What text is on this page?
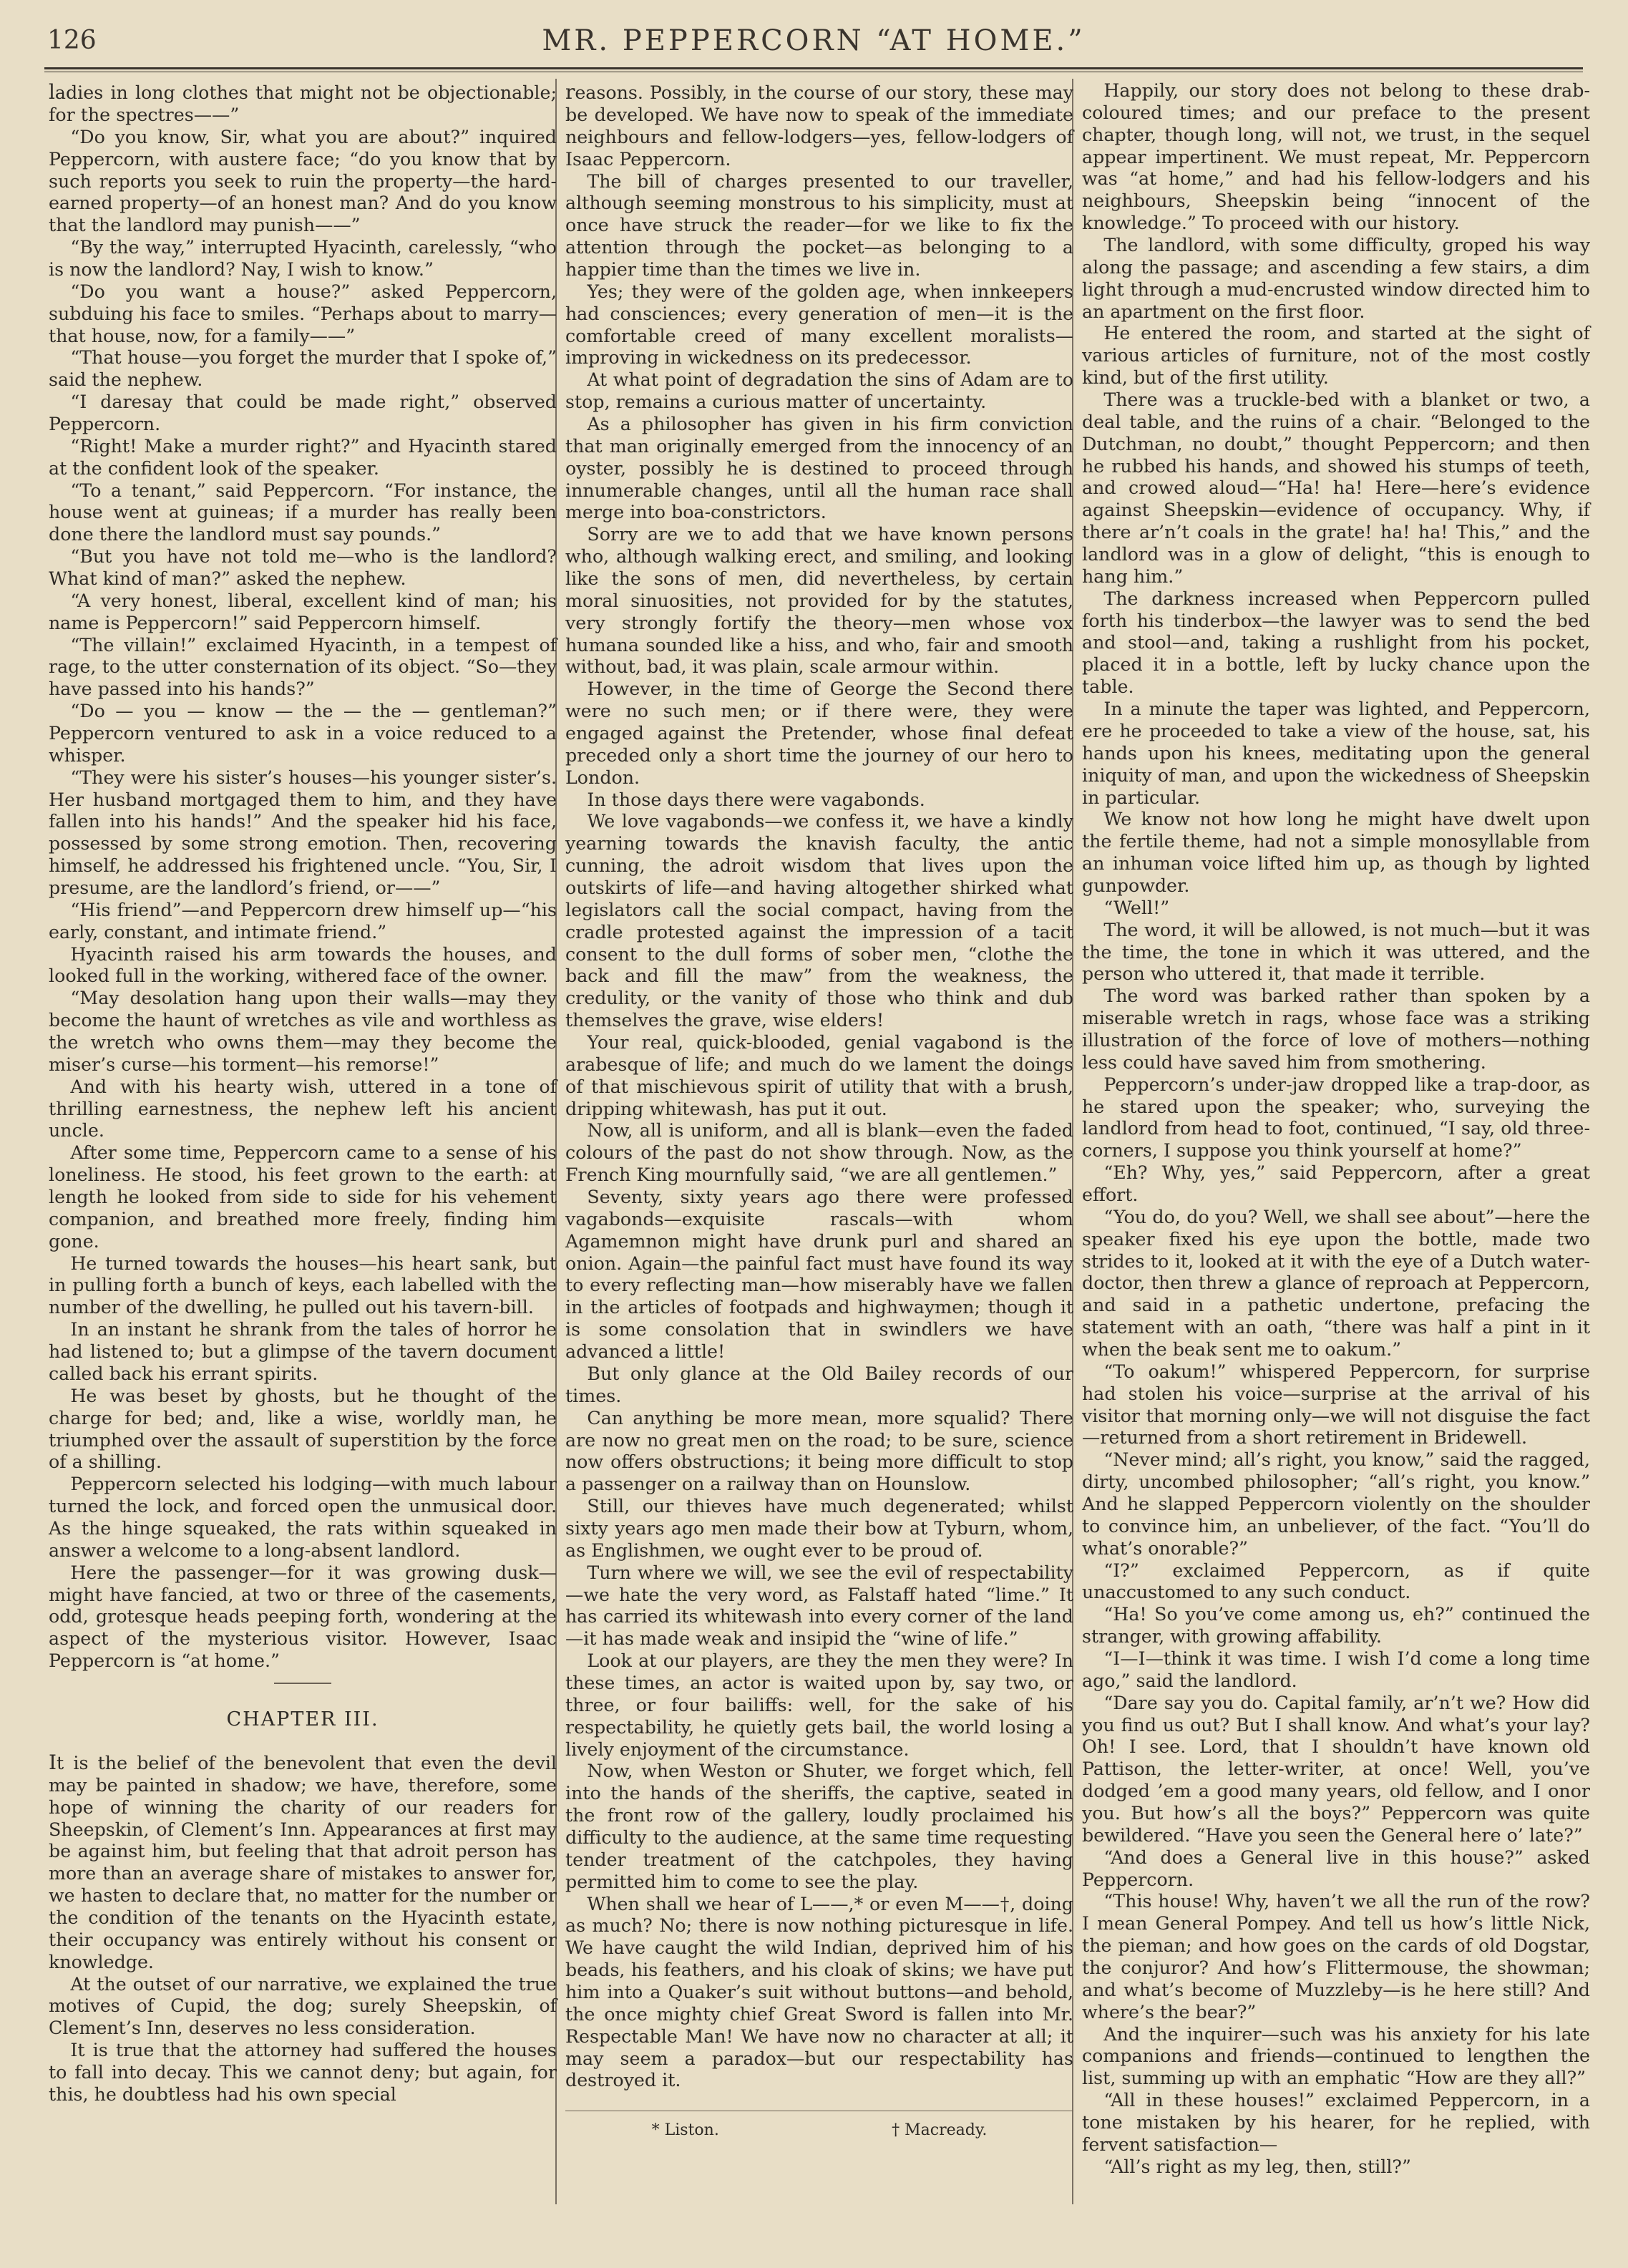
126	MR. PEPPERCORN “AT HOME.”

ladies in long clothes that might not be objectionable; for the spectres——”

“Do you know, Sir, what you are about?” inquired Peppercorn, with austere face; “do you know that by such reports you seek to ruin the property—the hard-earned property—of an honest man? And do you know that the landlord may punish——”

“By the way,” interrupted Hyacinth, carelessly, “who is now the landlord? Nay, I wish to know.”

“Do you want a house?” asked Peppercorn, subduing his face to smiles. “Perhaps about to marry—that house, now, for a family——”

“That house—you forget the murder that I spoke of,” said the nephew.

“I daresay that could be made right,” observed Peppercorn.

“Right! Make a murder right?” and Hyacinth stared at the confident look of the speaker.

“To a tenant,” said Peppercorn. “For instance, the house went at guineas; if a murder has really been done there the landlord must say pounds.”

“But you have not told me—who is the landlord? What kind of man?” asked the nephew.

“A very honest, liberal, excellent kind of man; his name is Peppercorn!” said Peppercorn himself.

“The villain!” exclaimed Hyacinth, in a tempest of rage, to the utter consternation of its object. “So—they have passed into his hands?”

“Do — you — know — the — the — gentleman?” Peppercorn ventured to ask in a voice reduced to a whisper.

“They were his sister’s houses—his younger sister’s. Her husband mortgaged them to him, and they have fallen into his hands!” And the speaker hid his face, possessed by some strong emotion. Then, recovering himself, he addressed his frightened uncle. “You, Sir, I presume, are the landlord’s friend, or——”

“His friend”—and Peppercorn drew himself up—“his early, constant, and intimate friend.”

Hyacinth raised his arm towards the houses, and looked full in the working, withered face of the owner.

“May desolation hang upon their walls—may they become the haunt of wretches as vile and worthless as the wretch who owns them—may they become the miser’s curse—his torment—his remorse!”

And with his hearty wish, uttered in a tone of thrilling earnestness, the nephew left his ancient uncle.

After some time, Peppercorn came to a sense of his loneliness. He stood, his feet grown to the earth: at length he looked from side to side for his vehement companion, and breathed more freely, finding him gone.

He turned towards the houses—his heart sank, but in pulling forth a bunch of keys, each labelled with the number of the dwelling, he pulled out his tavern-bill.

In an instant he shrank from the tales of horror he had listened to; but a glimpse of the tavern document called back his errant spirits.

He was beset by ghosts, but he thought of the charge for bed; and, like a wise, worldly man, he triumphed over the assault of superstition by the force of a shilling.

Peppercorn selected his lodging—with much labour turned the lock, and forced open the unmusical door. As the hinge squeaked, the rats within squeaked in answer a welcome to a long-absent landlord.

Here the passenger—for it was growing dusk—might have fancied, at two or three of the casements, odd, grotesque heads peeping forth, wondering at the aspect of the mysterious visitor. However, Isaac Peppercorn is “at home.”

CHAPTER III.

It is the belief of the benevolent that even the devil may be painted in shadow; we have, therefore, some hope of winning the charity of our readers for Sheepskin, of Clement’s Inn. Appearances at first may be against him, but feeling that that adroit person has more than an average share of mistakes to answer for, we hasten to declare that, no matter for the number or the condition of the tenants on the Hyacinth estate, their occupancy was entirely without his consent or knowledge.

At the outset of our narrative, we explained the true motives of Cupid, the dog; surely Sheepskin, of Clement’s Inn, deserves no less consideration.

It is true that the attorney had suffered the houses to fall into decay. This we cannot deny; but again, for this, he doubtless had his own special

reasons. Possibly, in the course of our story, these may be developed. We have now to speak of the immediate neighbours and fellow-lodgers—yes, fellow-lodgers of Isaac Peppercorn.

The bill of charges presented to our traveller, although seeming monstrous to his simplicity, must at once have struck the reader—for we like to fix the attention through the pocket—as belonging to a happier time than the times we live in.

Yes; they were of the golden age, when innkeepers had consciences; every generation of men—it is the comfortable creed of many excellent moralists—improving in wickedness on its predecessor.

At what point of degradation the sins of Adam are to stop, remains a curious matter of uncertainty.

As a philosopher has given in his firm conviction that man originally emerged from the innocency of an oyster, possibly he is destined to proceed through innumerable changes, until all the human race shall merge into boa-constrictors.

Sorry are we to add that we have known persons who, although walking erect, and smiling, and looking like the sons of men, did nevertheless, by certain moral sinuosities, not provided for by the statutes, very strongly fortify the theory—men whose vox humana sounded like a hiss, and who, fair and smooth without, bad, it was plain, scale armour within.

However, in the time of George the Second there were no such men; or if there were, they were engaged against the Pretender, whose final defeat preceded only a short time the journey of our hero to London.

In those days there were vagabonds.

We love vagabonds—we confess it, we have a kindly yearning towards the knavish faculty, the antic cunning, the adroit wisdom that lives upon the outskirts of life—and having altogether shirked what legislators call the social compact, having from the cradle protested against the impression of a tacit consent to the dull forms of sober men, “clothe the back and fill the maw” from the weakness, the credulity, or the vanity of those who think and dub themselves the grave, wise elders!

Your real, quick-blooded, genial vagabond is the arabesque of life; and much do we lament the doings of that mischievous spirit of utility that with a brush, dripping whitewash, has put it out.

Now, all is uniform, and all is blank—even the faded colours of the past do not show through. Now, as the French King mournfully said, “we are all gentlemen.”

Seventy, sixty years ago there were professed vagabonds—exquisite rascals—with whom Agamemnon might have drunk purl and shared an onion. Again—the painful fact must have found its way to every reflecting man—how miserably have we fallen in the articles of footpads and highwaymen; though it is some consolation that in swindlers we have advanced a little!

But only glance at the Old Bailey records of our times.

Can anything be more mean, more squalid? There are now no great men on the road; to be sure, science now offers obstructions; it being more difficult to stop a passenger on a railway than on Hounslow.

Still, our thieves have much degenerated; whilst sixty years ago men made their bow at Tyburn, whom, as Englishmen, we ought ever to be proud of.

Turn where we will, we see the evil of respectability—we hate the very word, as Falstaff hated “lime.” It has carried its whitewash into every corner of the land—it has made weak and insipid the “wine of life.”

Look at our players, are they the men they were? In these times, an actor is waited upon by, say two, or three, or four bailiffs: well, for the sake of his respectability, he quietly gets bail, the world losing a lively enjoyment of the circumstance.

Now, when Weston or Shuter, we forget which, fell into the hands of the sheriffs, the captive, seated in the front row of the gallery, loudly proclaimed his difficulty to the audience, at the same time requesting tender treatment of the catchpoles, they having permitted him to come to see the play.

When shall we hear of L——,* or even M——†, doing as much? No; there is now nothing picturesque in life. We have caught the wild Indian, deprived him of his beads, his feathers, and his cloak of skins; we have put him into a Quaker’s suit without buttons—and behold, the once mighty chief Great Sword is fallen into Mr. Respectable Man! We have now no character at all; it may seem a paradox—but our respectability has destroyed it.

* Liston.	† Macready.

Happily, our story does not belong to these drab-coloured times; and our preface to the present chapter, though long, will not, we trust, in the sequel appear impertinent. We must repeat, Mr. Peppercorn was “at home,” and had his fellow-lodgers and his neighbours, Sheepskin being “innocent of the knowledge.” To proceed with our history.

The landlord, with some difficulty, groped his way along the passage; and ascending a few stairs, a dim light through a mud-encrusted window directed him to an apartment on the first floor.

He entered the room, and started at the sight of various articles of furniture, not of the most costly kind, but of the first utility.

There was a truckle-bed with a blanket or two, a deal table, and the ruins of a chair. “Belonged to the Dutchman, no doubt,” thought Peppercorn; and then he rubbed his hands, and showed his stumps of teeth, and crowed aloud—“Ha! ha! Here—here’s evidence against Sheepskin—evidence of occupancy. Why, if there ar’n’t coals in the grate! ha! ha! This,” and the landlord was in a glow of delight, “this is enough to hang him.”

The darkness increased when Peppercorn pulled forth his tinderbox—the lawyer was to send the bed and stool—and, taking a rushlight from his pocket, placed it in a bottle, left by lucky chance upon the table.

In a minute the taper was lighted, and Peppercorn, ere he proceeded to take a view of the house, sat, his hands upon his knees, meditating upon the general iniquity of man, and upon the wickedness of Sheepskin in particular.

We know not how long he might have dwelt upon the fertile theme, had not a simple monosyllable from an inhuman voice lifted him up, as though by lighted gunpowder.

“Well!”

The word, it will be allowed, is not much—but it was the time, the tone in which it was uttered, and the person who uttered it, that made it terrible.

The word was barked rather than spoken by a miserable wretch in rags, whose face was a striking illustration of the force of love of mothers—nothing less could have saved him from smothering.

Peppercorn’s under-jaw dropped like a trap-door, as he stared upon the speaker; who, surveying the landlord from head to foot, continued, “I say, old three-corners, I suppose you think yourself at home?”

“Eh? Why, yes,” said Peppercorn, after a great effort.

“You do, do you? Well, we shall see about”—here the speaker fixed his eye upon the bottle, made two strides to it, looked at it with the eye of a Dutch water-doctor, then threw a glance of reproach at Peppercorn, and said in a pathetic undertone, prefacing the statement with an oath, “there was half a pint in it when the beak sent me to oakum.”

“To oakum!” whispered Peppercorn, for surprise had stolen his voice—surprise at the arrival of his visitor that morning only—we will not disguise the fact—returned from a short retirement in Bridewell.

“Never mind; all’s right, you know,” said the ragged, dirty, uncombed philosopher; “all’s right, you know.” And he slapped Peppercorn violently on the shoulder to convince him, an unbeliever, of the fact. “You’ll do what’s onorable?”

“I?” exclaimed Peppercorn, as if quite unaccustomed to any such conduct.

“Ha! So you’ve come among us, eh?” continued the stranger, with growing affability.

“I—I—think it was time. I wish I’d come a long time ago,” said the landlord.

“Dare say you do. Capital family, ar’n’t we? How did you find us out? But I shall know. And what’s your lay? Oh! I see. Lord, that I shouldn’t have known old Pattison, the letter-writer, at once! Well, you’ve dodged ’em a good many years, old fellow, and I onor you. But how’s all the boys?” Peppercorn was quite bewildered. “Have you seen the General here o’ late?”

“And does a General live in this house?” asked Peppercorn.

“This house! Why, haven’t we all the run of the row? I mean General Pompey. And tell us how’s little Nick, the pieman; and how goes on the cards of old Dogstar, the conjuror? And how’s Flittermouse, the showman; and what’s become of Muzzleby—is he here still? And where’s the bear?”

And the inquirer—such was his anxiety for his late companions and friends—continued to lengthen the list, summing up with an emphatic “How are they all?”

“All in these houses!” exclaimed Peppercorn, in a tone mistaken by his hearer, for he replied, with fervent satisfaction—

“All’s right as my leg, then, still?”
